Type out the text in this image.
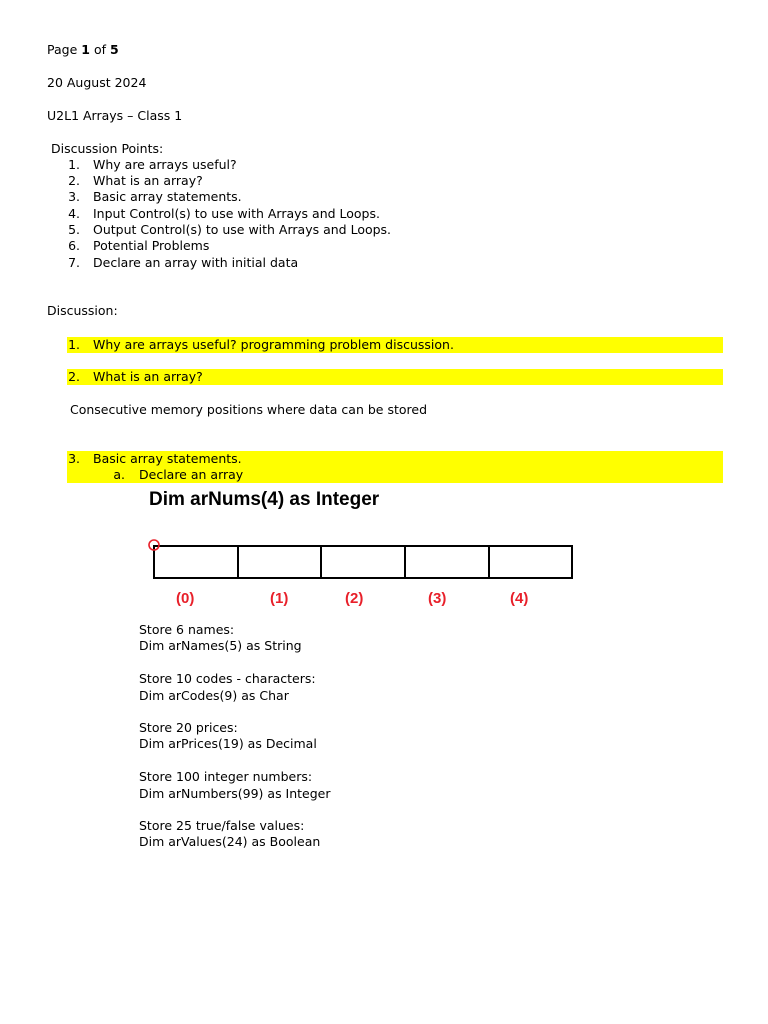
Page 1 of 5
20 August 2024
U2L1 Arrays – Class 1
Discussion Points:
1. Why are arrays useful?
2. What is an array?
3. Basic array statements.
4. Input Control(s) to use with Arrays and Loops.
5. Output Control(s) to use with Arrays and Loops.
6. Potential Problems
7. Declare an array with initial data
Discussion:
1. Why are arrays useful? programming problem discussion.
2. What is an array?
Consecutive memory positions where data can be stored
3. Basic array statements.
a. Declare an array
Dim arNums(4) as Integer
(0)	(1)	(2)	(3)	(4)
Store 6 names:
Dim arNames(5) as String
Store 10 codes - characters:
Dim arCodes(9) as Char
Store 20 prices:
Dim arPrices(19) as Decimal
Store 100 integer numbers:
Dim arNumbers(99) as Integer
Store 25 true/false values:
Dim arValues(24) as Boolean
